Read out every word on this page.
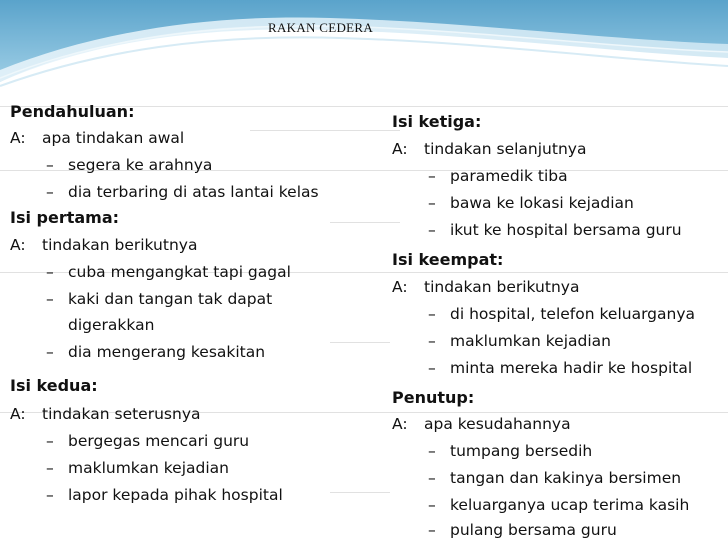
RAKAN CEDERA
Pendahuluan:
A: apa tindakan awal
– segera ke arahnya
– dia terbaring di atas lantai kelas
Isi pertama:
A: tindakan berikutnya
– cuba mengangkat tapi gagal
– kaki dan tangan tak dapat
digerakkan
– dia mengerang kesakitan
Isi kedua:
A: tindakan seterusnya
– bergegas mencari guru
– maklumkan kejadian
– lapor kepada pihak hospital
Isi ketiga:
A: tindakan selanjutnya
– paramedik tiba
– bawa ke lokasi kejadian
– ikut ke hospital bersama guru
Isi keempat:
A: tindakan berikutnya
– di hospital, telefon keluarganya
– maklumkan kejadian
– minta mereka hadir ke hospital
Penutup:
A: apa kesudahannya
– tumpang bersedih
– tangan dan kakinya bersimen
– keluarganya ucap terima kasih
– pulang bersama guru
